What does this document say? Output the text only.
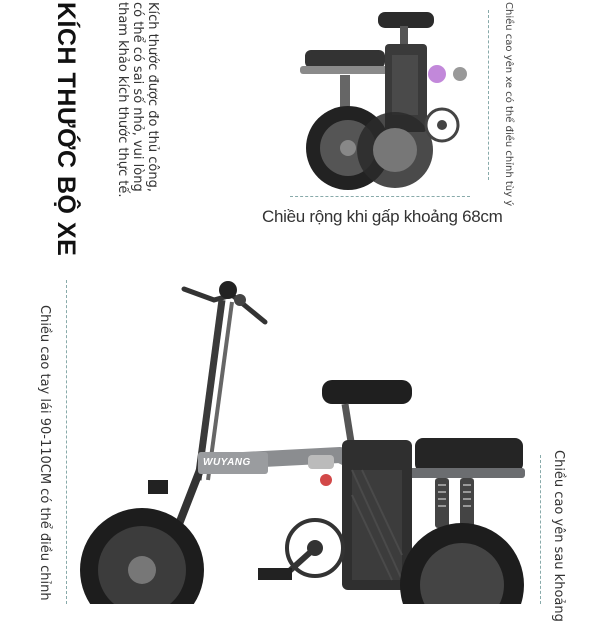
KÍCH THƯỚC BỘ XE	Kích thước được đo thủ công,
có thể có sai số nhỏ, vui lòng
tham khảo kích thước thực tế.	Chiều cao yên xe có thể điều chỉnh tùy ý
Chiều cao tay lái 90-110CM có thể điều chỉnh	Chiều cao yên sau khoảng
Chiều rộng khi gấp khoảng 68cm
WUYANG
